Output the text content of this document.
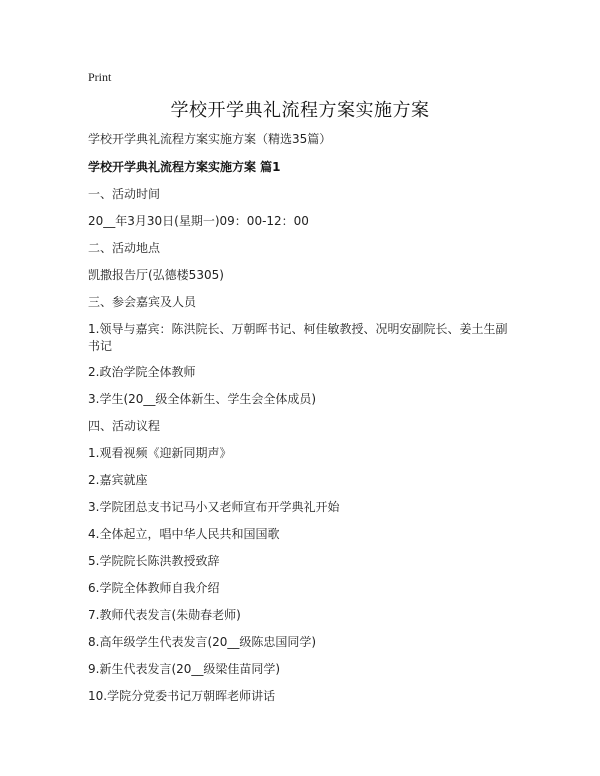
Print
学校开学典礼流程方案实施方案
学校开学典礼流程方案实施方案（精选35篇）
学校开学典礼流程方案实施方案 篇1
一、活动时间
20__年3月30日(星期一)09：00-12：00
二、活动地点
凯撒报告厅(弘德楼5305)
三、参会嘉宾及人员
1.领导与嘉宾：陈洪院长、万朝晖书记、柯佳敏教授、况明安副院长、姜土生副书记
2.政治学院全体教师
3.学生(20__级全体新生、学生会全体成员)
四、活动议程
1.观看视频《迎新同期声》
2.嘉宾就座
3.学院团总支书记马小又老师宣布开学典礼开始
4.全体起立，唱中华人民共和国国歌
5.学院院长陈洪教授致辞
6.学院全体教师自我介绍
7.教师代表发言(朱勋春老师)
8.高年级学生代表发言(20__级陈忠国同学)
9.新生代表发言(20__级梁佳苗同学)
10.学院分党委书记万朝晖老师讲话
